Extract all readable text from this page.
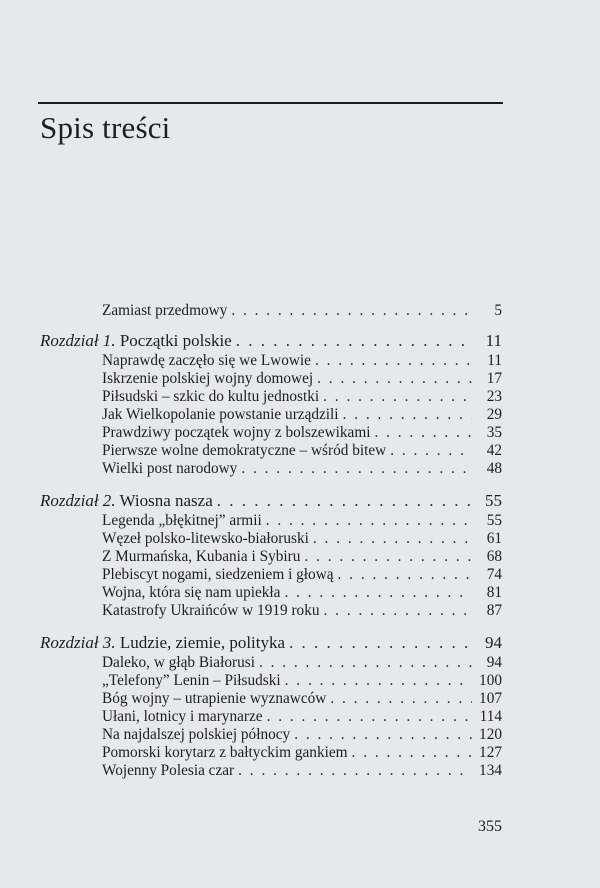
Spis treści
Zamiast przedmowy . . .	5
Rozdział 1. Początki polskie . . .	11
Naprawdę zaczęło się we Lwowie . . .	11
Iskrzenie polskiej wojny domowej . . .	17
Piłsudski – szkic do kultu jednostki . . .	23
Jak Wielkopolanie powstanie urządzili . . .	29
Prawdziwy początek wojny z bolszewikami . . .	35
Pierwsze wolne demokratyczne – wśród bitew . . .	42
Wielki post narodowy . . .	48
Rozdział 2. Wiosna nasza . . .	55
Legenda „błękitnej” armii . . .	55
Węzeł polsko-litewsko-białoruski . . .	61
Z Murmańska, Kubania i Sybiru . . .	68
Plebiscyt nogami, siedzeniem i głową . . .	74
Wojna, która się nam upiekła . . .	81
Katastrofy Ukraińców w 1919 roku . . .	87
Rozdział 3. Ludzie, ziemie, polityka . . .	94
Daleko, w głąb Białorusi . . .	94
„Telefony” Lenin – Piłsudski . . .	100
Bóg wojny – utrapienie wyznawców . . .	107
Ułani, lotnicy i marynarze . . .	114
Na najdalszej polskiej północy . . .	120
Pomorski korytarz z bałtyckim gankiem . . .	127
Wojenny Polesia czar . . .	134
355
